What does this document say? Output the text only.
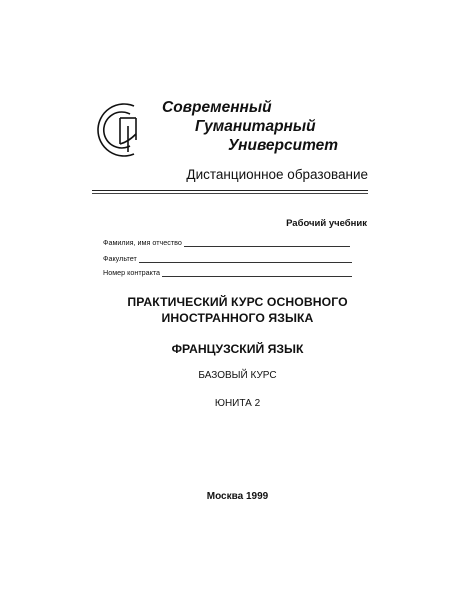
Современный
Гуманитарный
Университет
Дистанционное образование
Рабочий учебник
Фамилия, имя отчество
Факультет
Номер контракта
ПРАКТИЧЕСКИЙ КУРС ОСНОВНОГО
ИНОСТРАННОГО ЯЗЫКА
ФРАНЦУЗСКИЙ ЯЗЫК
БАЗОВЫЙ КУРС
ЮНИТА 2
Москва 1999
